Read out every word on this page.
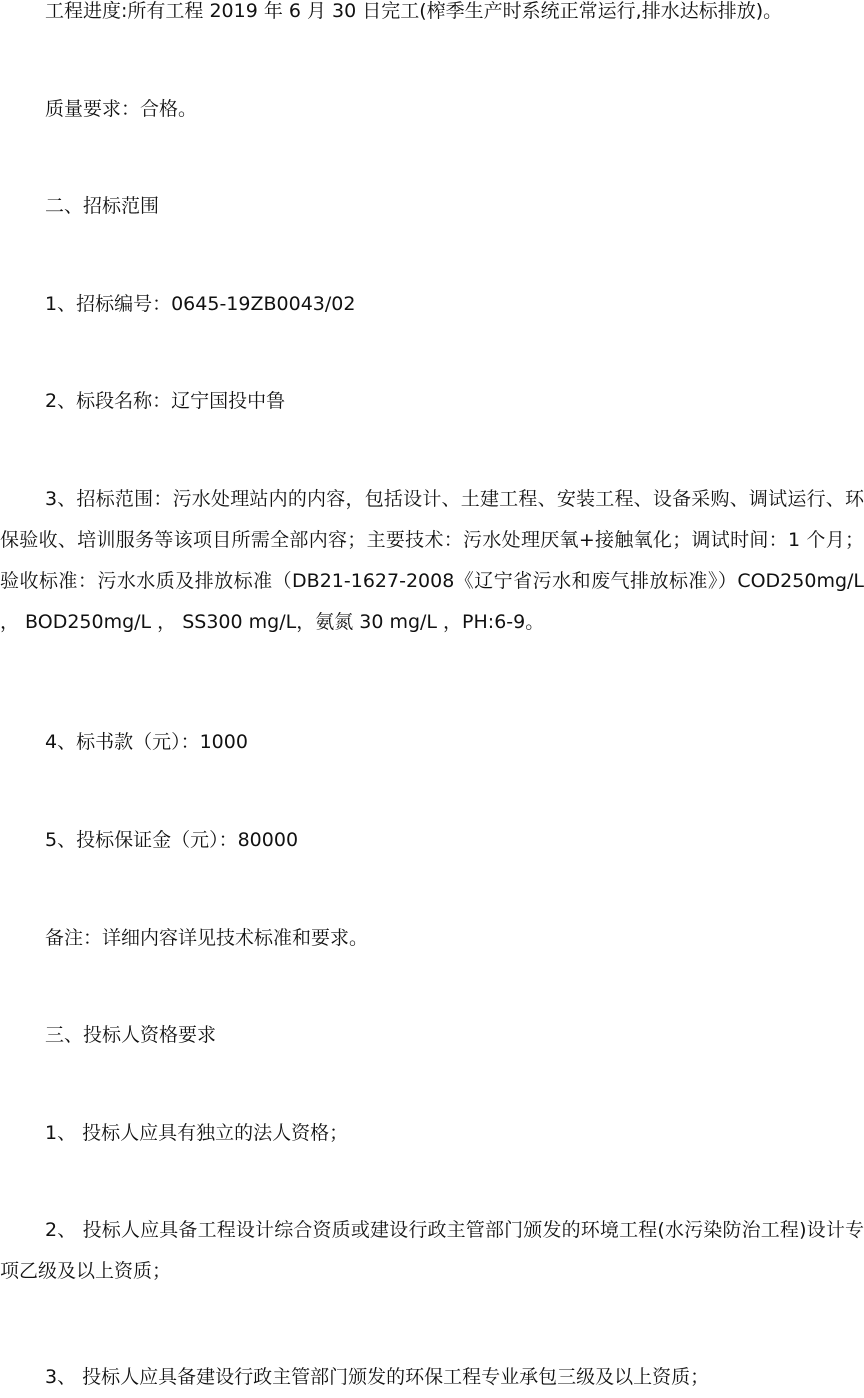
工程进度:所有工程 2019 年 6 月 30 日完工(榨季生产时系统正常运行,排水达标排放)。

质量要求：合格。

二、招标范围

1、招标编号：0645-19ZB0043/02

2、标段名称：辽宁国投中鲁

3、招标范围：污水处理站内的内容，包括设计、土建工程、安装工程、设备采购、调试运行、环保验收、培训服务等该项目所需全部内容；主要技术：污水处理厌氧+接触氧化；调试时间：1 个月；验收标准：污水水质及排放标准（DB21-1627-2008《辽宁省污水和废气排放标准》）COD250mg/L ， BOD250mg/L ， SS300 mg/L，氨氮 30 mg/L ，PH:6-9。

4、标书款（元）：1000

5、投标保证金（元）：80000

备注：详细内容详见技术标准和要求。

三、投标人资格要求

1、 投标人应具有独立的法人资格；

2、 投标人应具备工程设计综合资质或建设行政主管部门颁发的环境工程(水污染防治工程)设计专项乙级及以上资质；

3、 投标人应具备建设行政主管部门颁发的环保工程专业承包三级及以上资质；
